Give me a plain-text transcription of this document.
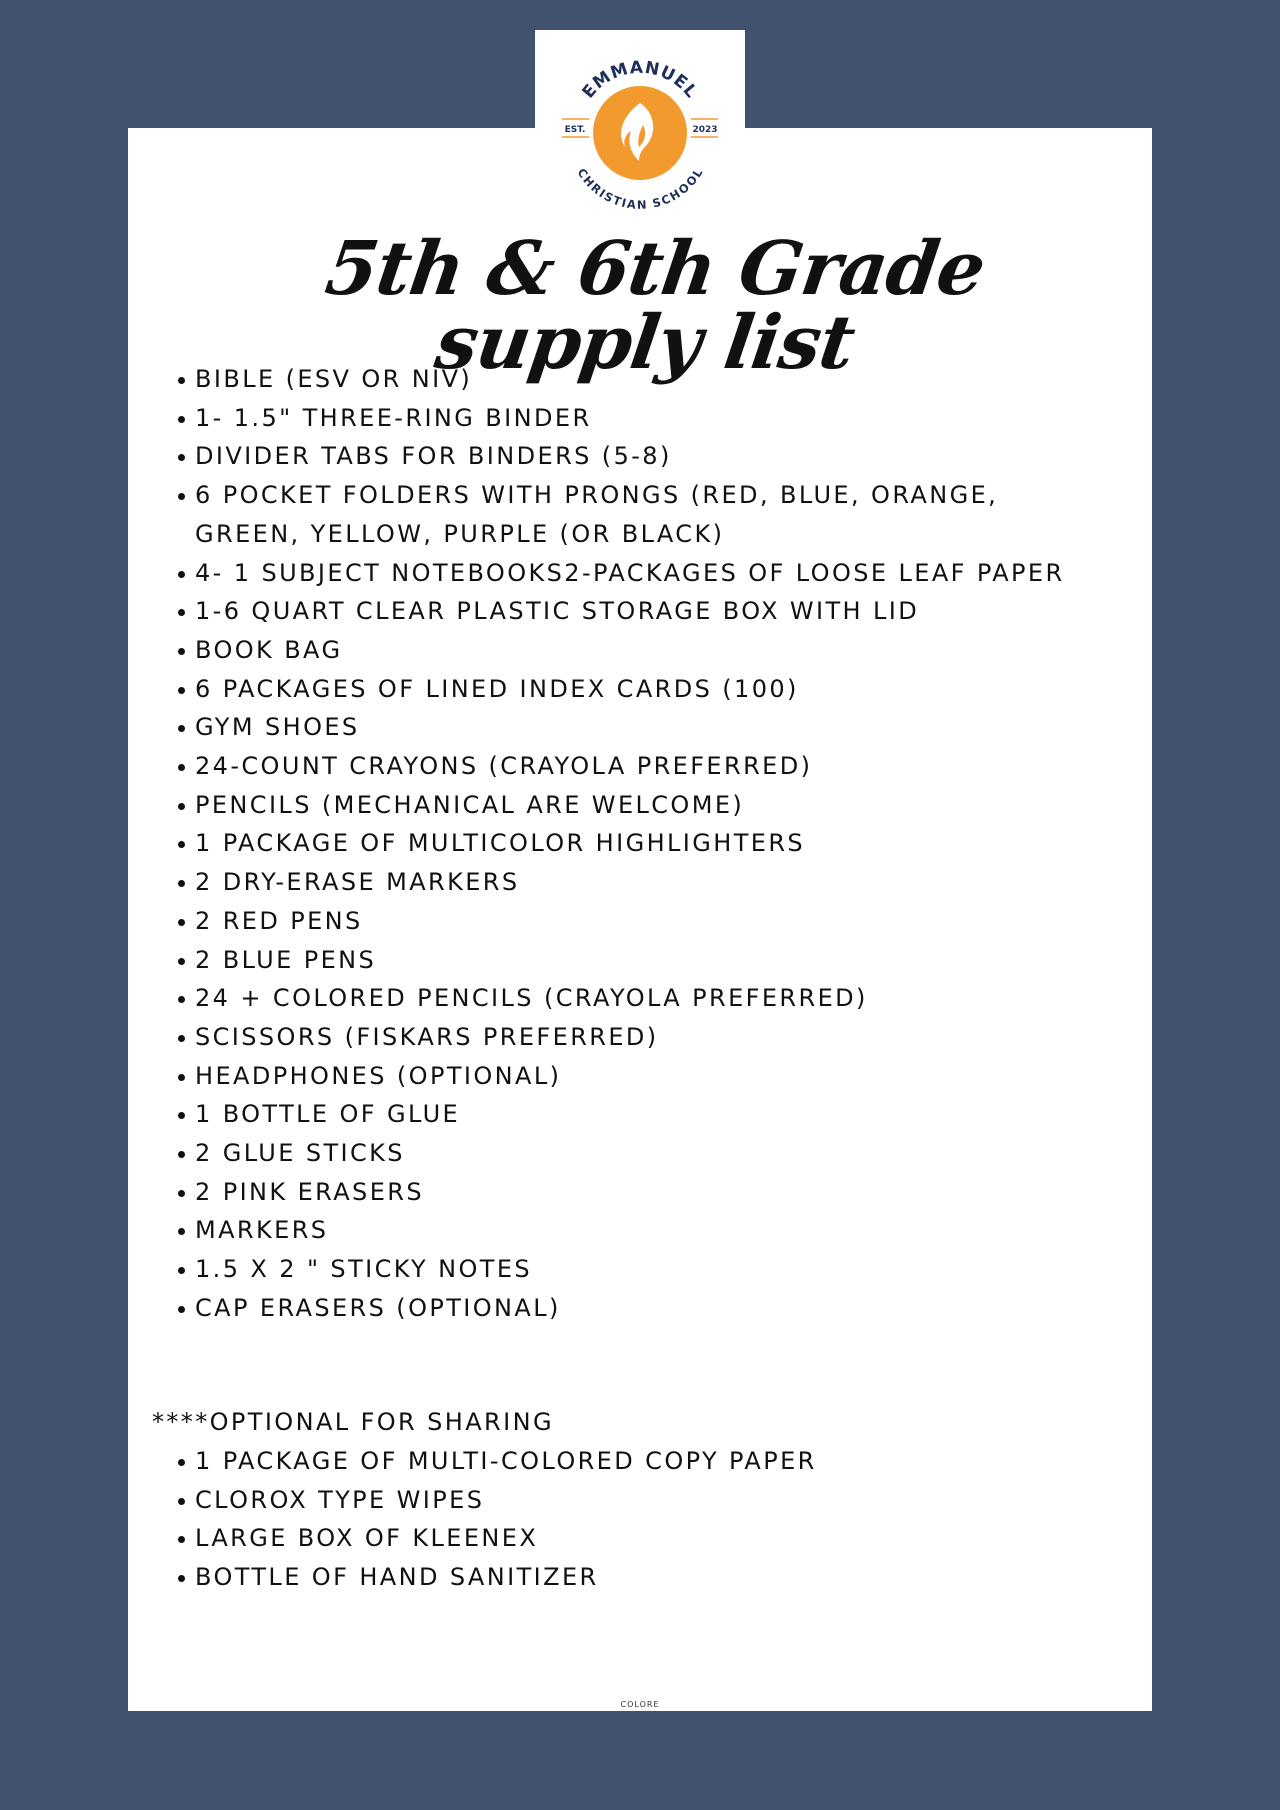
EST.	2023
EMMANUEL
CHRISTIAN SCHOOL
5th & 6th Grade supply list
BIBLE (ESV OR NIV)
1- 1.5" THREE-RING BINDER
DIVIDER TABS FOR BINDERS (5-8)
6 POCKET FOLDERS WITH PRONGS (RED, BLUE, ORANGE,
GREEN, YELLOW, PURPLE (OR BLACK)
4- 1 SUBJECT NOTEBOOKS2-PACKAGES OF LOOSE LEAF PAPER
1-6 QUART CLEAR PLASTIC STORAGE BOX WITH LID
BOOK BAG
6 PACKAGES OF LINED INDEX CARDS (100)
GYM SHOES
24-COUNT CRAYONS (CRAYOLA PREFERRED)
PENCILS (MECHANICAL ARE WELCOME)
1 PACKAGE OF MULTICOLOR HIGHLIGHTERS
2 DRY-ERASE MARKERS
2 RED PENS
2 BLUE PENS
24 + COLORED PENCILS (CRAYOLA PREFERRED)
SCISSORS (FISKARS PREFERRED)
HEADPHONES (OPTIONAL)
1 BOTTLE OF GLUE
2 GLUE STICKS
2 PINK ERASERS
MARKERS
1.5 X 2 " STICKY NOTES
CAP ERASERS (OPTIONAL)
****OPTIONAL FOR SHARING
1 PACKAGE OF MULTI-COLORED COPY PAPER
CLOROX TYPE WIPES
LARGE BOX OF KLEENEX
BOTTLE OF HAND SANITIZER
COLORE
